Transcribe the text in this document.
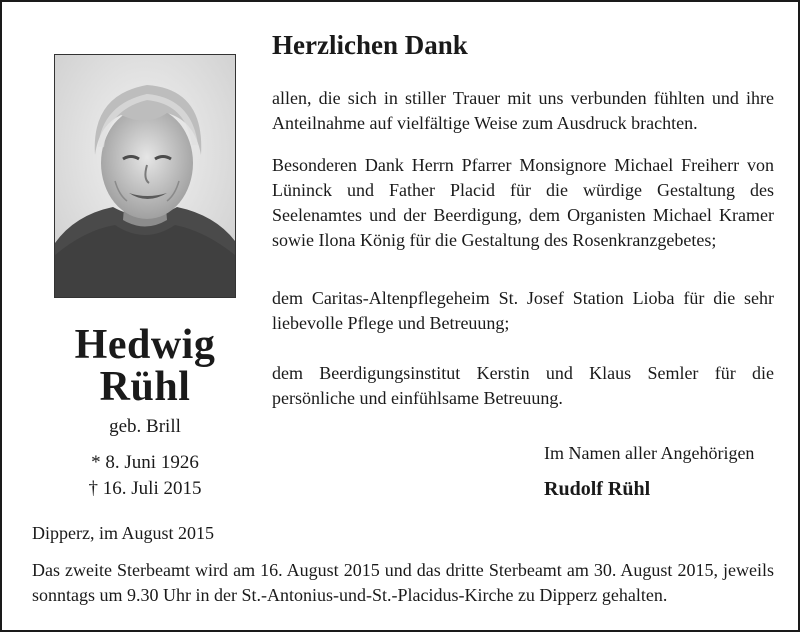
Hedwig
Rühl
geb. Brill
* 8. Juni 1926
† 16. Juli 2015
Herzlichen Dank
allen, die sich in stiller Trauer mit uns verbunden fühlten und ihre Anteilnahme auf vielfältige Weise zum Ausdruck brachten.
Besonderen Dank Herrn Pfarrer Monsignore Michael Freiherr von Lüninck und Father Placid für die würdige Gestaltung des Seelenamtes und der Beerdigung, dem Organisten Michael Kramer sowie Ilona König für die Gestaltung des Rosenkranzgebetes;
dem Caritas-Altenpflegeheim St. Josef Station Lioba für die sehr liebevolle Pflege und Betreuung;
dem Beerdigungsinstitut Kerstin und Klaus Semler für die persönliche und einfühlsame Betreuung.
Im Namen aller Angehörigen
Rudolf Rühl
Dipperz, im August 2015
Das zweite Sterbeamt wird am 16. August 2015 und das dritte Sterbeamt am 30. August 2015, jeweils sonntags um 9.30 Uhr in der St.-Antonius-und-St.-Placidus-Kirche zu Dipperz gehalten.
